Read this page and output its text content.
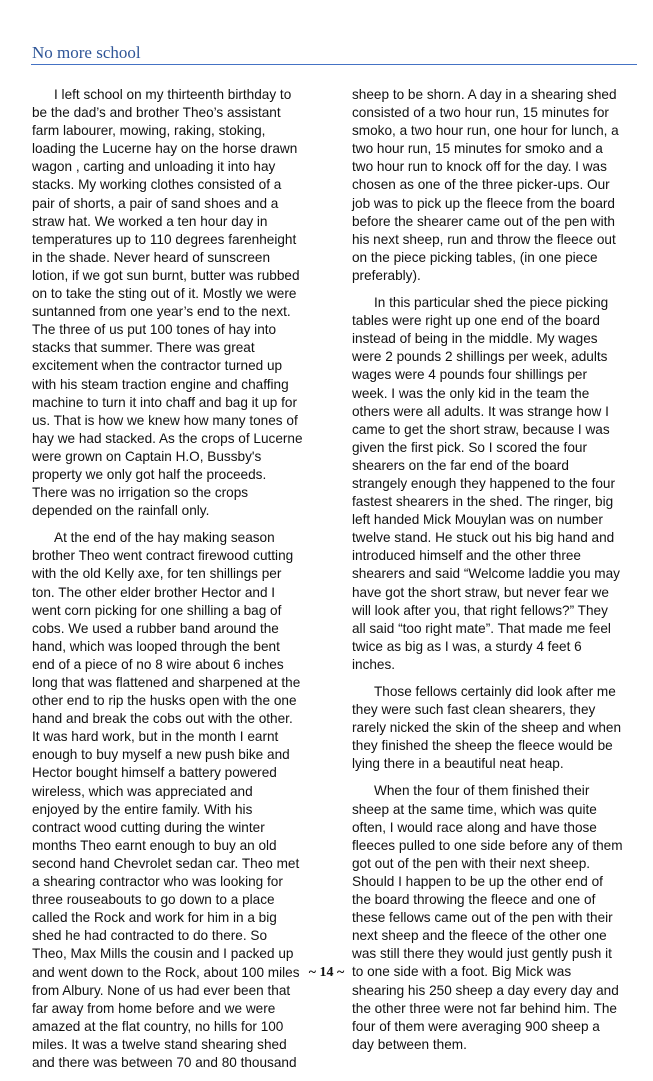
No more school

I left school on my thirteenth birthday to be the dad’s and brother Theo’s assistant farm labourer, mowing, raking, stoking, loading the Lucerne hay on the horse drawn wagon , carting and unloading it into hay stacks. My working clothes consisted of a pair of shorts, a pair of sand shoes and a straw hat. We worked a ten hour day in temperatures up to 110 degrees farenheight in the shade. Never heard of sunscreen lotion, if we got sun burnt, butter was rubbed on to take the sting out of it. Mostly we were suntanned from one year’s end to the next. The three of us put 100 tones of hay into stacks that summer. There was great excitement when the contractor turned up with his steam traction engine and chaffing machine to turn it into chaff and bag it up for us. That is how we knew how many tones of hay we had stacked. As the crops of Lucerne were grown on Captain H.O, Bussby's property we only got half the proceeds. There was no irrigation so the crops depended on the rainfall only.

At the end of the hay making season brother Theo went contract firewood cutting with the old Kelly axe, for ten shillings per ton. The other elder brother Hector and I went corn picking for one shilling a bag of cobs. We used a rubber band around the hand, which was looped through the bent end of a piece of no 8 wire about 6 inches long that was flattened and sharpened at the other end to rip the husks open with the one hand and break the cobs out with the other. It was hard work, but in the month I earnt enough to buy myself a new push bike and Hector bought himself a battery powered wireless, which was appreciated and enjoyed by the entire family. With his contract wood cutting during the winter months Theo earnt enough to buy an old second hand Chevrolet sedan car. Theo met a shearing contractor who was looking for three rouseabouts to go down to a place called the Rock and work for him in a big shed he had contracted to do there. So Theo, Max Mills the cousin and I packed up and went down to the Rock, about 100 miles from Albury. None of us had ever been that far away from home before and we were amazed at the flat country, no hills for 100 miles. It was a twelve stand shearing shed and there was between 70 and 80 thousand

sheep to be shorn. A day in a shearing shed consisted of a two hour run, 15 minutes for smoko, a two hour run, one hour for lunch, a two hour run, 15 minutes for smoko and a two hour run to knock off for the day. I was chosen as one of the three picker-ups. Our job was to pick up the fleece from the board before the shearer came out of the pen with his next sheep, run and throw the fleece out on the piece picking tables, (in one piece preferably).

In this particular shed the piece picking tables were right up one end of the board instead of being in the middle. My wages were 2 pounds 2 shillings per week, adults wages were 4 pounds four shillings per week. I was the only kid in the team the others were all adults. It was strange how I came to get the short straw, because I was given the first pick. So I scored the four shearers on the far end of the board strangely enough they happened to the four fastest shearers in the shed. The ringer, big left handed Mick Mouylan was on number twelve stand. He stuck out his big hand and introduced himself and the other three shearers and said “Welcome laddie you may have got the short straw, but never fear we will look after you, that right fellows?” They all said “too right mate”. That made me feel twice as big as I was, a sturdy 4 feet 6 inches.

Those fellows certainly did look after me they were such fast clean shearers, they rarely nicked the skin of the sheep and when they finished the sheep the fleece would be lying there in a beautiful neat heap.

When the four of them finished their sheep at the same time, which was quite often, I would race along and have those fleeces pulled to one side before any of them got out of the pen with their next sheep. Should I happen to be up the other end of the board throwing the fleece and one of these fellows came out of the pen with their next sheep and the fleece of the other one was still there they would just gently push it to one side with a foot. Big Mick was shearing his 250 sheep a day every day and the other three were not far behind him. The four of them were averaging 900 sheep a day between them.

~ 14 ~
